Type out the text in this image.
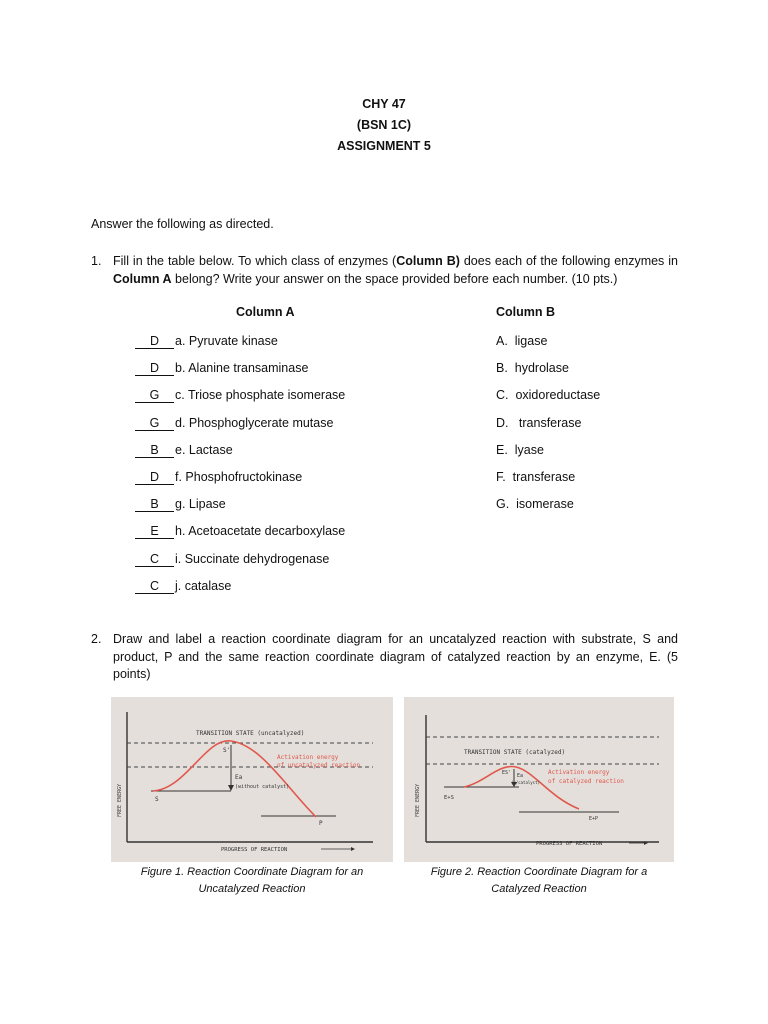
CHY 47
(BSN 1C)
ASSIGNMENT 5
Answer the following as directed.
1. Fill in the table below. To which class of enzymes (Column B) does each of the following enzymes in Column A belong? Write your answer on the space provided before each number. (10 pts.)
Column A	Column B
D a. Pyruvate kinase
D b. Alanine transaminase
G c. Triose phosphate isomerase
G d. Phosphoglycerate mutase
B e. Lactase
D f. Phosphofructokinase
B g. Lipase
E h. Acetoacetate decarboxylase
C i. Succinate dehydrogenase
C j. catalase
A.  ligase
B.  hydrolase
C.  oxidoreductase
D.   transferase
E.  lyase
F.  transferase
G.  isomerase
2. Draw and label a reaction coordinate diagram for an uncatalyzed reaction with substrate, S and product, P and the same reaction coordinate diagram of catalyzed reaction by an enzyme, E. (5 points)
TRANSITION STATE (uncatalyzed)
S'
Activation energy
of uncatalyzed reaction
Ea
(without catalyst)
S
P
FREE ENERGY
PROGRESS OF REACTION
Figure 1. Reaction Coordinate Diagram for an
Uncatalyzed Reaction
TRANSITION STATE (catalyzed)
ES'	Activation energy
of catalyzed reaction
Ea
(w/catalyst)
E+S
E+P
FREE ENERGY
PROGRESS OF REACTION
Figure 2. Reaction Coordinate Diagram for a
Catalyzed Reaction
